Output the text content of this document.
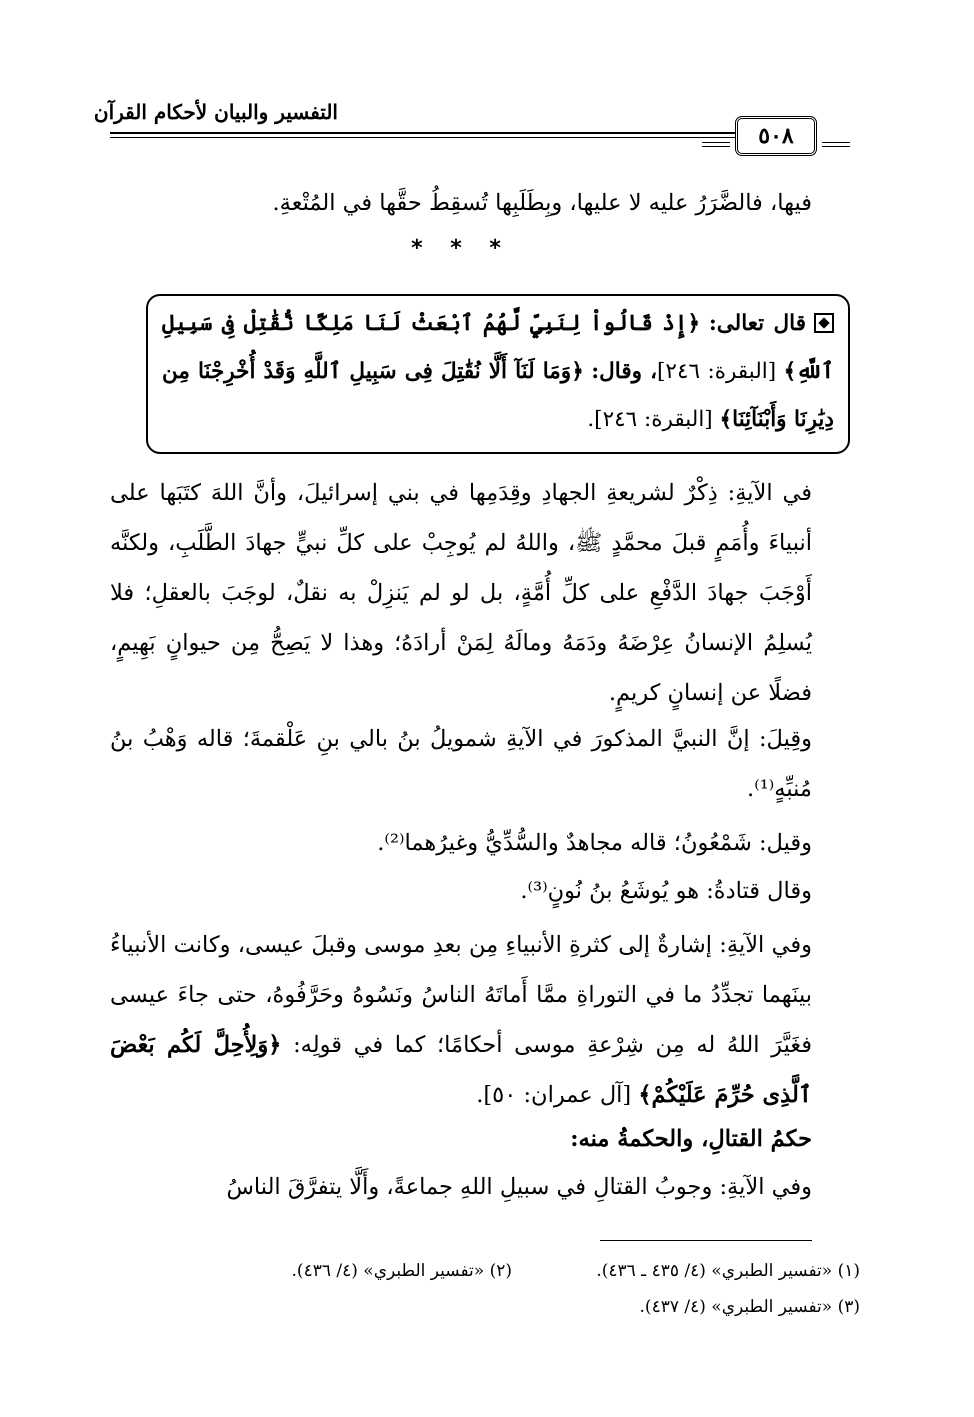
التفسير والبيان لأحكام القرآن
٥٠٨
فيها، فالضَّرَرُ عليه لا عليها، وبِطَلَبِها تُسقِطُ حقَّها في المُتْعةِ.
* * *
قال تعالى: ﴿إِذْ قَالُواْ لِنَبِيٍّ لَّهُمُ ٱبْعَثْ لَنَا مَلِكًا نُّقَٰتِلْ فِى سَبِيلِ ٱللَّهِ﴾ [البقرة: ٢٤٦]، وقال: ﴿وَمَا لَنَآ أَلَّا نُقَٰتِلَ فِى سَبِيلِ ٱللَّهِ وَقَدْ أُخْرِجْنَا مِن دِيَٰرِنَا وَأَبْنَآئِنَا﴾ [البقرة: ٢٤٦].
في الآيةِ: ذِكْرٌ لشريعةِ الجهادِ وقِدَمِها في بني إسرائيلَ، وأنَّ اللهَ كتَبَها على أنبياءَ وأُمَمٍ قبلَ محمَّدٍ ﷺ، واللهُ لم يُوجِبْ على كلِّ نبيٍّ جهادَ الطَّلَبِ، ولكنَّه أَوْجَبَ جهادَ الدَّفْعِ على كلِّ أُمَّةٍ، بل لو لم يَنزِلْ به نقلٌ، لوجَبَ بالعقلِ؛ فلا يُسلِمُ الإنسانُ عِرْضَهُ ودَمَهُ ومالَهُ لِمَنْ أرادَهُ؛ وهذا لا يَصِحُّ مِن حيوانٍ بَهِيمٍ، فضلًا عن إنسانٍ كريمٍ.
وقِيلَ: إنَّ النبيَّ المذكورَ في الآيةِ شمويلُ بنُ بالي بنِ عَلْقمةَ؛ قاله وَهْبُ بنُ مُنبِّهٍ⁽¹⁾.
وقيل: شَمْعُونُ؛ قاله مجاهدٌ والسُّدِّيُّ وغيرُهما⁽²⁾.
وقال قتادةُ: هو يُوشَعُ بنُ نُونٍ⁽³⁾.
وفي الآيةِ: إشارةٌ إلى كثرةِ الأنبياءِ مِن بعدِ موسى وقبلَ عيسى، وكانت الأنبياءُ بينَهما تجدِّدُ ما في التوراةِ ممَّا أَماتَهُ الناسُ ونَسُوهُ وحَرَّفُوهُ، حتى جاءَ عيسى فغَيَّرَ اللهُ له مِن شِرْعةِ موسى أحكامًا؛ كما في قولِه: ﴿وَلِأُحِلَّ لَكُم بَعْضَ ٱلَّذِى حُرِّمَ عَلَيْكُمْ﴾ [آل عمران: ٥٠].
حكمُ القتالِ، والحكمةُ منه:
وفي الآيةِ: وجوبُ القتالِ في سبيلِ اللهِ جماعةً، وأَلَّا يتفرَّقَ الناسُ
(١) «تفسير الطبري» (٤/ ٤٣٥ ـ ٤٣٦).
(٢) «تفسير الطبري» (٤/ ٤٣٦).
(٣) «تفسير الطبري» (٤/ ٤٣٧).
